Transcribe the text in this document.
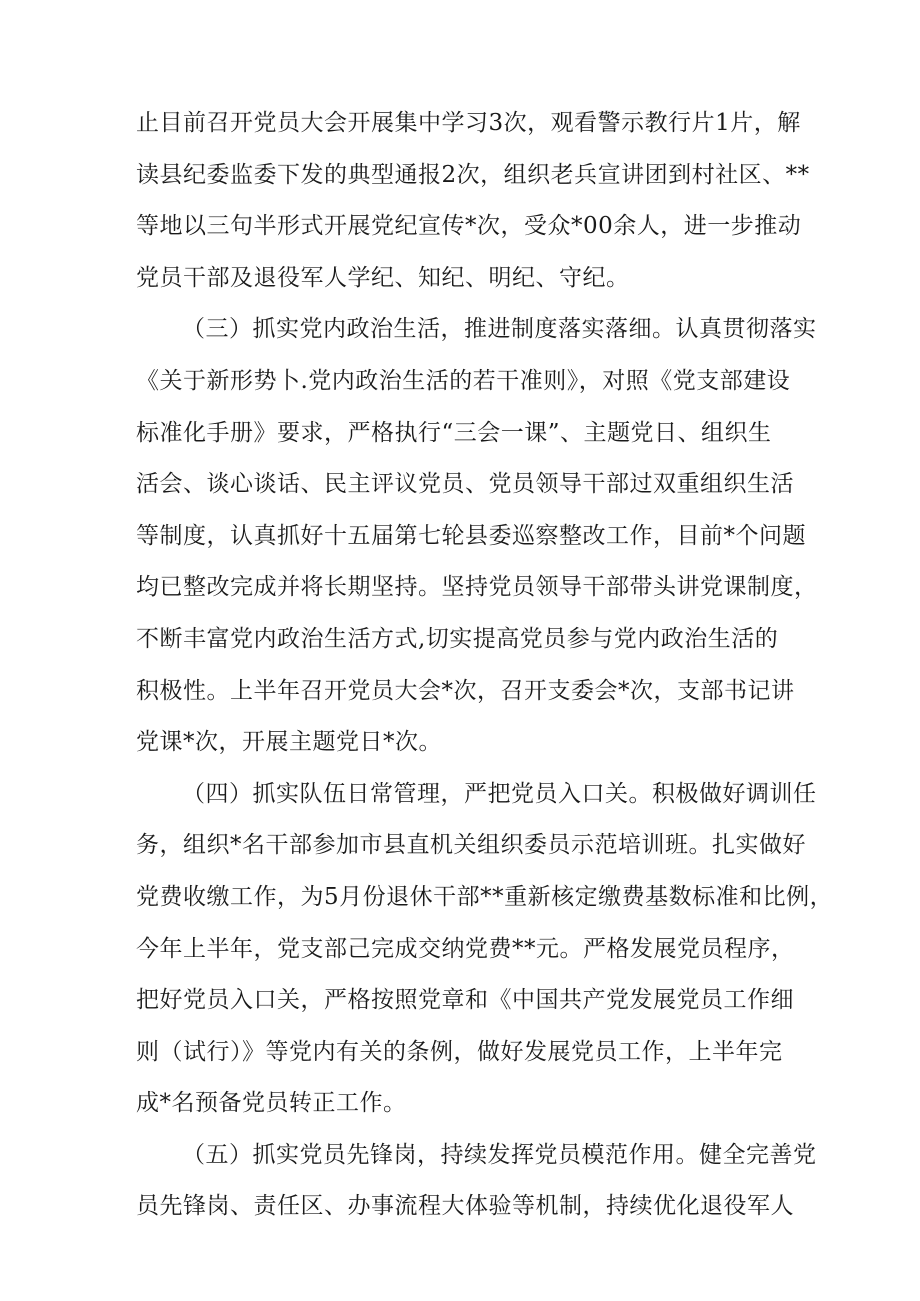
止目前召开党员大会开展集中学习3次，观看警示教行片1片，解
读县纪委监委下发的典型通报2次，组织老兵宣讲团到村社区、**
等地以三句半形式开展党纪宣传*次，受众*00余人，进一步推动
党员干部及退役军人学纪、知纪、明纪、守纪。
（三）抓实党内政治生活，推进制度落实落细。认真贯彻落实
《关于新形势卜.党内政治生活的若干准则》，对照《党支部建设
标准化手册》要求，严格执行“三会一课”、主题党日、组织生
活会、谈心谈话、民主评议党员、党员领导干部过双重组织生活
等制度，认真抓好十五届第七轮县委巡察整改工作，目前*个问题
均已整改完成并将长期坚持。坚持党员领导干部带头讲党课制度，
不断丰富党内政治生活方式,切实提高党员参与党内政治生活的
积极性。上半年召开党员大会*次，召开支委会*次，支部书记讲
党课*次，开展主题党日*次。
（四）抓实队伍日常管理，严把党员入口关。积极做好调训任
务，组织*名干部参加市县直机关组织委员示范培训班。扎实做好
党费收缴工作，为5月份退休干部**重新核定缴费基数标准和比例，
今年上半年，党支部己完成交纳党费**元。严格发展党员程序，
把好党员入口关，严格按照党章和《中国共产党发展党员工作细
则（试行）》等党内有关的条例，做好发展党员工作，上半年完
成*名预备党员转正工作。
（五）抓实党员先锋岗，持续发挥党员模范作用。健全完善党
员先锋岗、责任区、办事流程大体验等机制，持续优化退役军人
